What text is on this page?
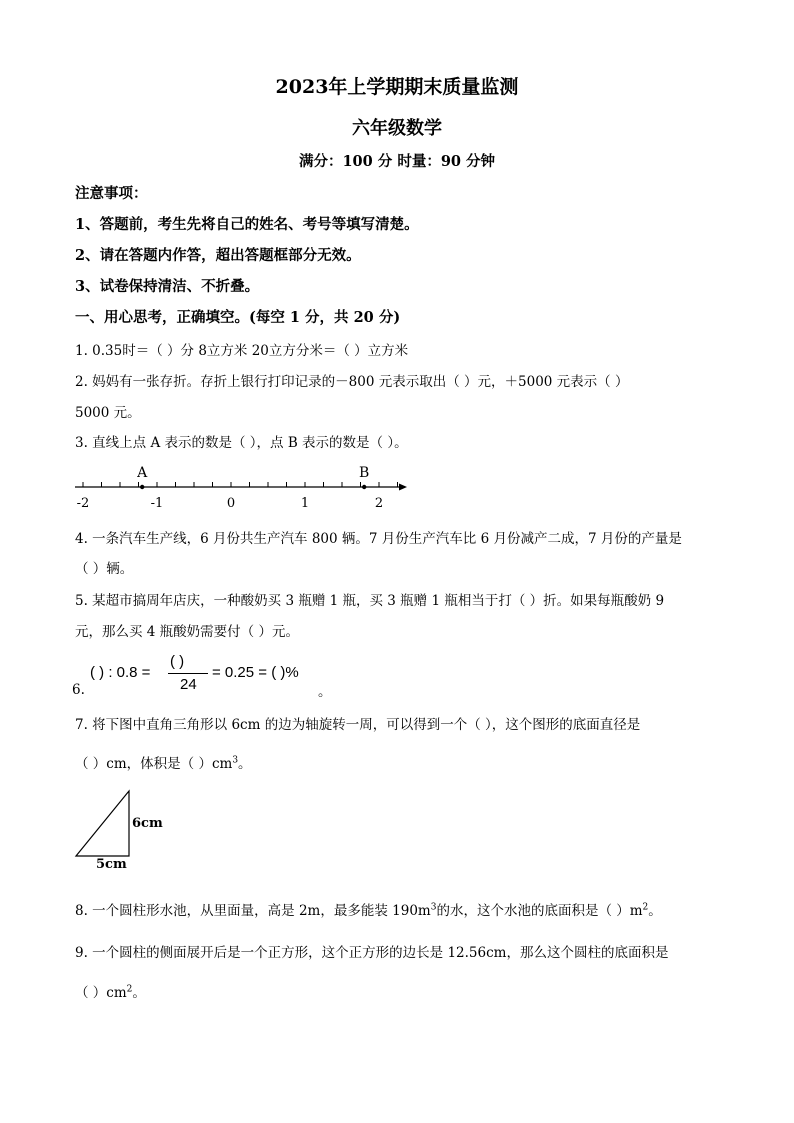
2023年上学期期末质量监测
六年级数学
满分：100 分 时量：90 分钟
注意事项：
1、答题前，考生先将自己的姓名、考号等填写清楚。
2、请在答题内作答，超出答题框部分无效。
3、试卷保持清洁、不折叠。
一、用心思考，正确填空。(每空 1 分，共 20 分)
1. 0.35时＝（ ）分 8立方米 20立方分米＝（ ）立方米
2. 妈妈有一张存折。存折上银行打印记录的－800 元表示取出（ ）元，＋5000 元表示（ ）
5000 元。
3. 直线上点 A 表示的数是（ ），点 B 表示的数是（ ）。
-2	-1	0	1	2
A	B
4. 一条汽车生产线，6 月份共生产汽车 800 辆。7 月份生产汽车比 6 月份减产二成，7 月份的产量是
（ ）辆。
5. 某超市搞周年店庆，一种酸奶买 3 瓶赠 1 瓶，买 3 瓶赠 1 瓶相当于打（ ）折。如果每瓶酸奶 9
元，那么买 4 瓶酸奶需要付（ ）元。
6.
( ) : 0.8 =
( )
24
= 0.25 = ( )%
。
7. 将下图中直角三角形以 6cm 的边为轴旋转一周，可以得到一个（ ），这个图形的底面直径是
（ ）cm，体积是（ ）$cm^3$。
6cm
5cm
8. 一个圆柱形水池，从里面量，高是 2m，最多能装 $190m^3$的水，这个水池的底面积是（ ）$m^2$。
9. 一个圆柱的侧面展开后是一个正方形，这个正方形的边长是 12.56cm，那么这个圆柱的底面积是
（ ）$cm^2$。
